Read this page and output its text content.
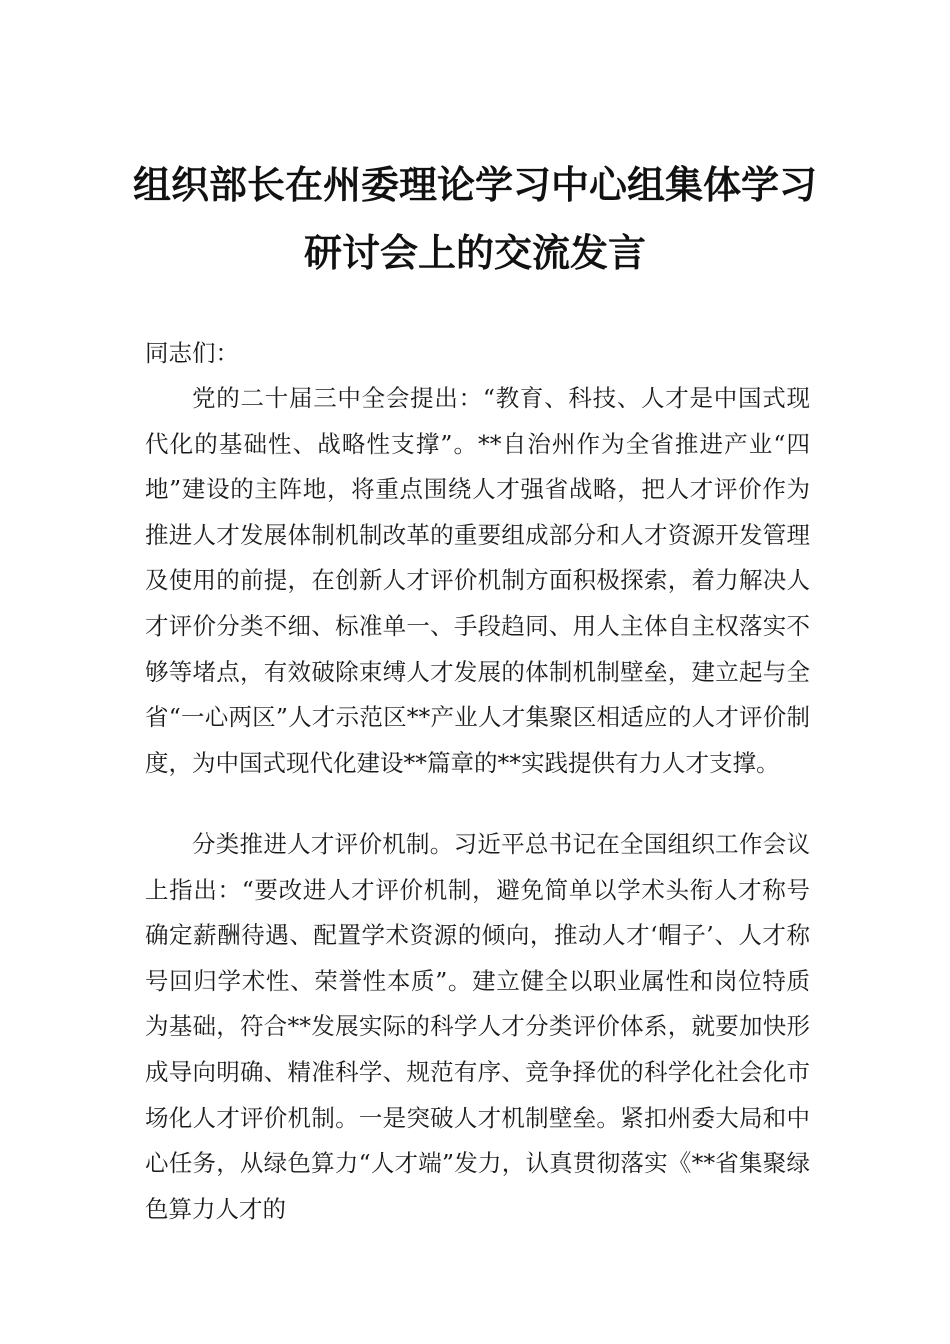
组织部长在州委理论学习中心组集体学习
研讨会上的交流发言
同志们：

党的二十届三中全会提出：“教育、科技、人才是中国式现代化的基础性、战略性支撑”。**自治州作为全省推进产业“四地”建设的主阵地，将重点围绕人才强省战略，把人才评价作为推进人才发展体制机制改革的重要组成部分和人才资源开发管理及使用的前提，在创新人才评价机制方面积极探索，着力解决人才评价分类不细、标准单一、手段趋同、用人主体自主权落实不够等堵点，有效破除束缚人才发展的体制机制壁垒，建立起与全省“一心两区”人才示范区**产业人才集聚区相适应的人才评价制度，为中国式现代化建设**篇章的**实践提供有力人才支撑。

分类推进人才评价机制。习近平总书记在全国组织工作会议上指出：“要改进人才评价机制，避免简单以学术头衔人才称号确定薪酬待遇、配置学术资源的倾向，推动人才‘帽子’、人才称号回归学术性、荣誉性本质”。建立健全以职业属性和岗位特质为基础，符合**发展实际的科学人才分类评价体系，就要加快形成导向明确、精准科学、规范有序、竞争择优的科学化社会化市场化人才评价机制。一是突破人才机制壁垒。紧扣州委大局和中心任务，从绿色算力“人才端”发力，认真贯彻落实《**省集聚绿色算力人才的
